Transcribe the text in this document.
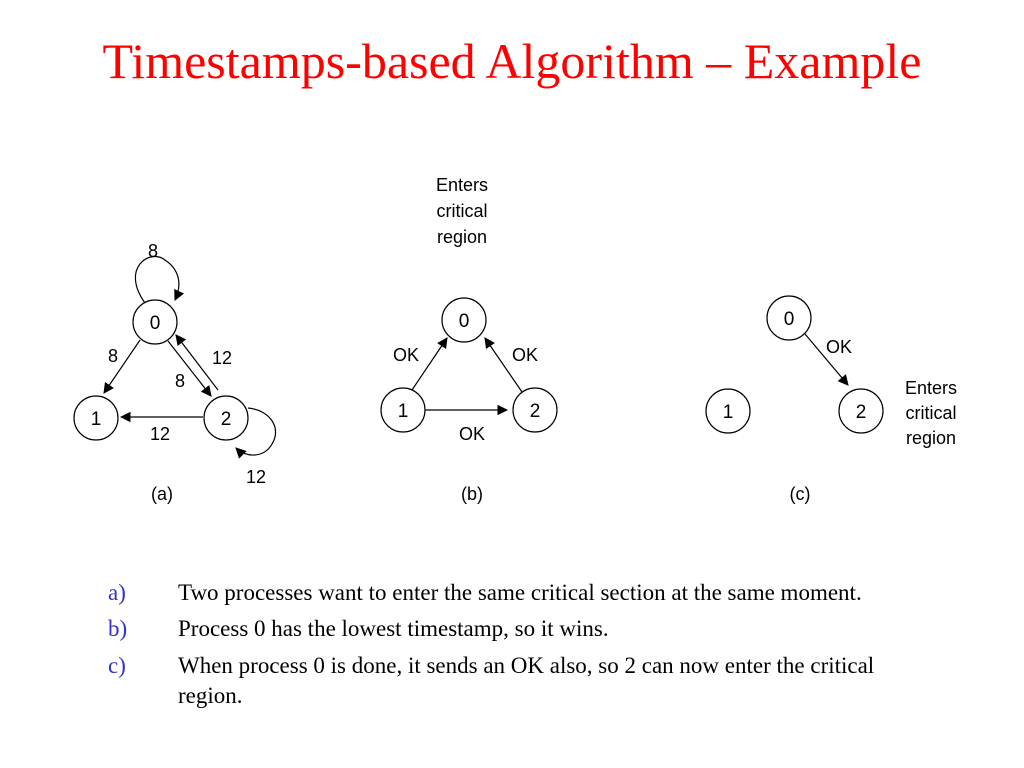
Timestamps-based Algorithm – Example
8
8
8
12
12
12
0
1	2
(a)
Enters
critical
region
OK	OK
OK
0
1	2
(b)
OK
0
1	2
Enters
critical
region
(c)
a)	Two processes want to enter the same critical section at the same moment.
b)	Process 0 has the lowest timestamp, so it wins.
c)	When process 0 is done, it sends an OK also, so 2 can now enter the critical region.
